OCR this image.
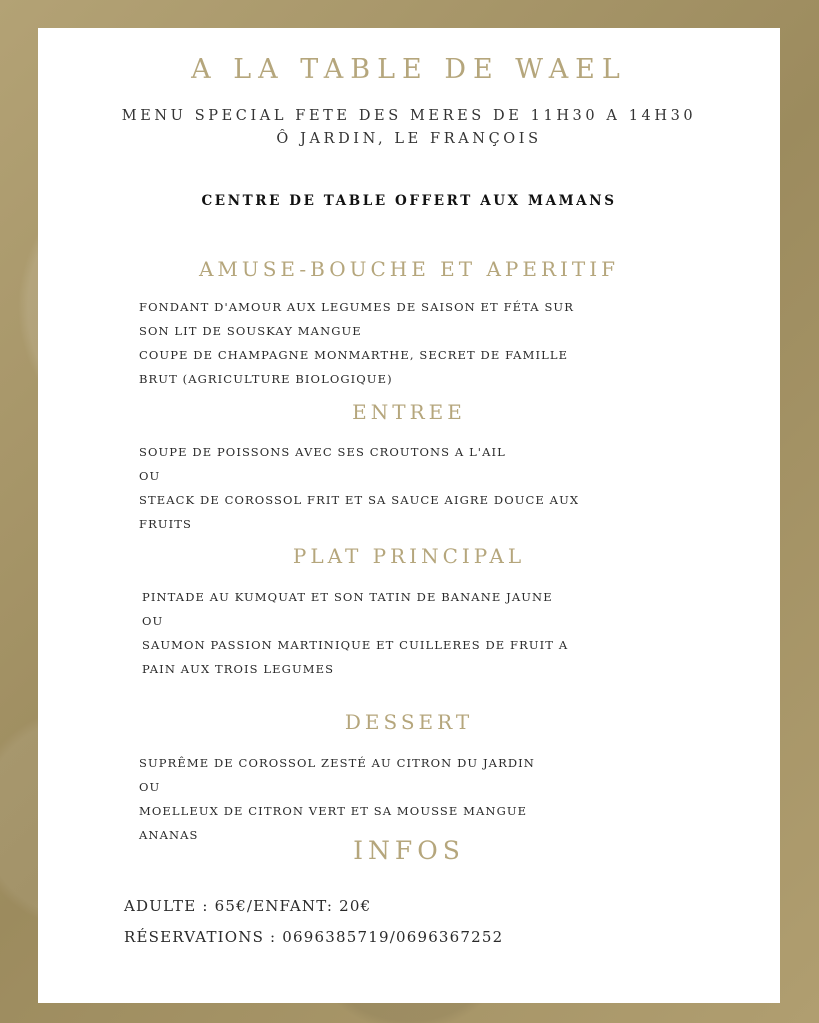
A LA TABLE DE WAEL

MENU SPECIAL FETE DES MERES DE 11H30 A 14H30

Ô JARDIN, LE FRANÇOIS

CENTRE DE TABLE OFFERT AUX MAMANS

AMUSE-BOUCHE ET APERITIF

FONDANT D'AMOUR AUX LEGUMES DE SAISON ET FÉTA SUR

SON LIT DE SOUSKAY MANGUE

COUPE DE CHAMPAGNE MONMARTHE, SECRET DE FAMILLE

BRUT (AGRICULTURE BIOLOGIQUE)

ENTREE

SOUPE DE POISSONS AVEC SES CROUTONS A L'AIL

OU

STEACK DE COROSSOL FRIT ET SA SAUCE AIGRE DOUCE AUX

FRUITS

PLAT PRINCIPAL

PINTADE AU KUMQUAT ET SON TATIN DE BANANE JAUNE

OU

SAUMON PASSION MARTINIQUE ET CUILLERES DE FRUIT A

PAIN AUX TROIS LEGUMES

DESSERT

SUPRÊME DE COROSSOL ZESTÉ AU CITRON DU JARDIN

OU

MOELLEUX DE CITRON VERT ET SA MOUSSE MANGUE

ANANAS

INFOS

ADULTE : 65€/ENFANT: 20€

RÉSERVATIONS : 0696385719/0696367252
